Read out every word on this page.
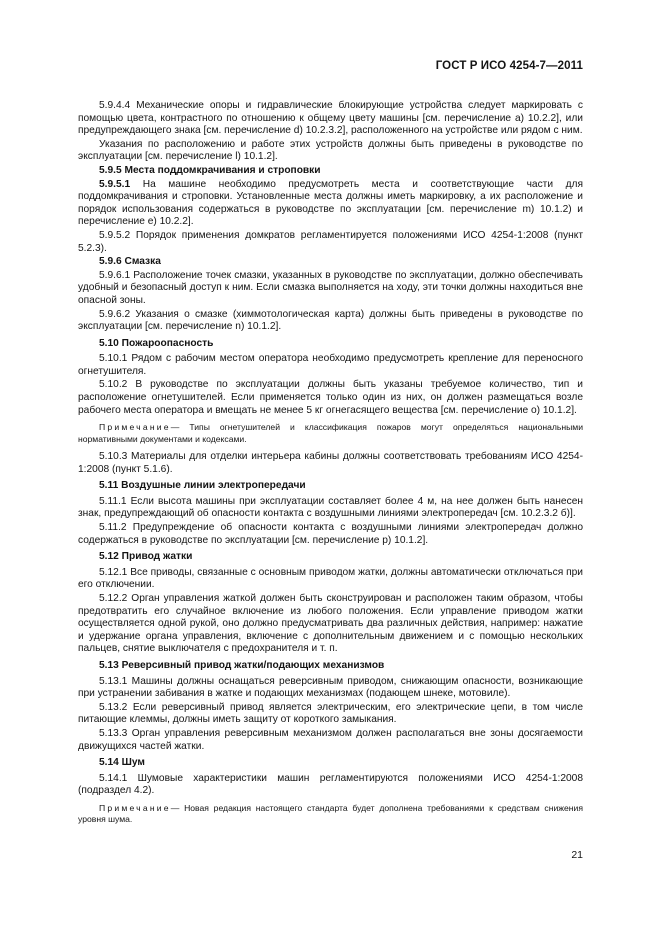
ГОСТ Р ИСО 4254-7—2011

5.9.4.4 Механические опоры и гидравлические блокирующие устройства следует маркировать с помощью цвета, контрастного по отношению к общему цвету машины [см. перечисление а) 10.2.2], или предупреждающего знака [см. перечисление d) 10.2.3.2], расположенного на устройстве или рядом с ним.

Указания по расположению и работе этих устройств должны быть приведены в руководстве по эксплуатации [см. перечисление l) 10.1.2].

5.9.5 Места поддомкрачивания и строповки

5.9.5.1 На машине необходимо предусмотреть места и соответствующие части для поддомкрачивания и строповки. Установленные места должны иметь маркировку, а их расположение и порядок использования содержаться в руководстве по эксплуатации [см. перечисление m) 10.1.2) и перечисление е) 10.2.2].

5.9.5.2 Порядок применения домкратов регламентируется положениями ИСО 4254-1:2008 (пункт 5.2.3).

5.9.6 Смазка

5.9.6.1 Расположение точек смазки, указанных в руководстве по эксплуатации, должно обеспечивать удобный и безопасный доступ к ним. Если смазка выполняется на ходу, эти точки должны находиться вне опасной зоны.

5.9.6.2 Указания о смазке (химмотологическая карта) должны быть приведены в руководстве по эксплуатации [см. перечисление n) 10.1.2].

5.10 Пожароопасность

5.10.1 Рядом с рабочим местом оператора необходимо предусмотреть крепление для переносного огнетушителя.

5.10.2 В руководстве по эксплуатации должны быть указаны требуемое количество, тип и расположение огнетушителей. Если применяется только один из них, он должен размещаться возле рабочего места оператора и вмещать не менее 5 кг огнегасящего вещества [см. перечисление о) 10.1.2].

Примечание— Типы огнетушителей и классификация пожаров могут определяться национальными нормативными документами и кодексами.

5.10.3 Материалы для отделки интерьера кабины должны соответствовать требованиям ИСО 4254-1:2008 (пункт 5.1.6).

5.11 Воздушные линии электропередачи

5.11.1 Если высота машины при эксплуатации составляет более 4 м, на нее должен быть нанесен знак, предупреждающий об опасности контакта с воздушными линиями электропередач [см. 10.2.3.2 б)].

5.11.2 Предупреждение об опасности контакта с воздушными линиями электропередач должно содержаться в руководстве по эксплуатации [см. перечисление р) 10.1.2].

5.12 Привод жатки

5.12.1 Все приводы, связанные с основным приводом жатки, должны автоматически отключаться при его отключении.

5.12.2 Орган управления жаткой должен быть сконструирован и расположен таким образом, чтобы предотвратить его случайное включение из любого положения. Если управление приводом жатки осуществляется одной рукой, оно должно предусматривать два различных действия, например: нажатие и удержание органа управления, включение с дополнительным движением и с помощью нескольких пальцев, снятие выключателя с предохранителя и т. п.

5.13 Реверсивный привод жатки/подающих механизмов

5.13.1 Машины должны оснащаться реверсивным приводом, снижающим опасности, возникающие при устранении забивания в жатке и подающих механизмах (подающем шнеке, мотовиле).

5.13.2 Если реверсивный привод является электрическим, его электрические цепи, в том числе питающие клеммы, должны иметь защиту от короткого замыкания.

5.13.3 Орган управления реверсивным механизмом должен располагаться вне зоны досягаемости движущихся частей жатки.

5.14 Шум

5.14.1 Шумовые характеристики машин регламентируются положениями ИСО 4254-1:2008 (подраздел 4.2).

Примечание— Новая редакция настоящего стандарта будет дополнена требованиями к средствам снижения уровня шума.

21
